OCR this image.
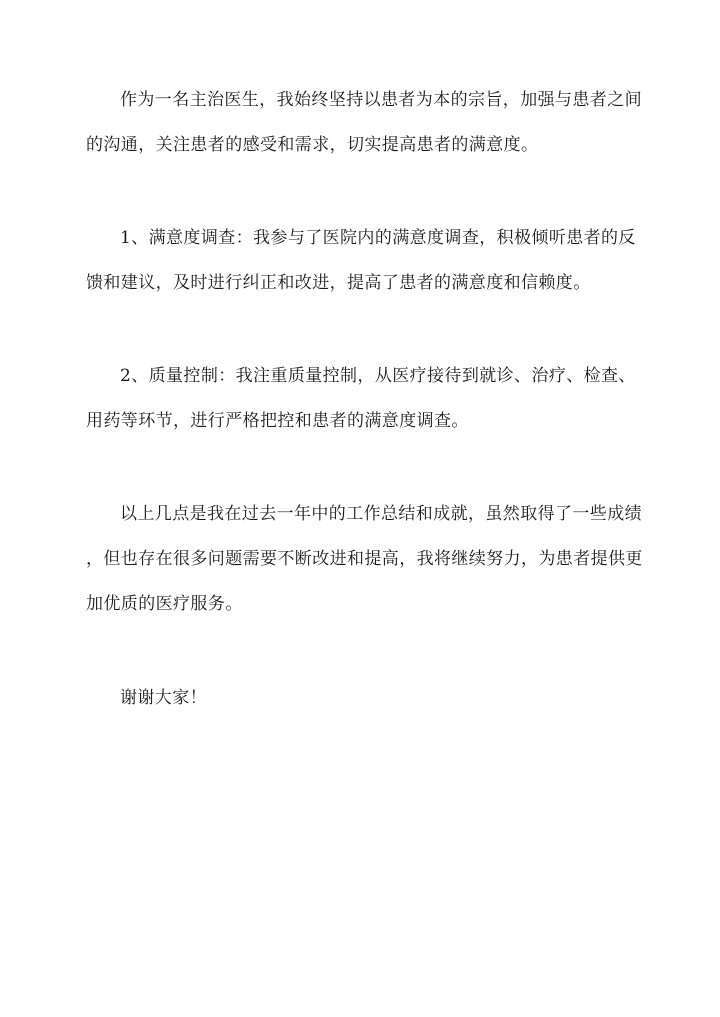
作为一名主治医生，我始终坚持以患者为本的宗旨，加强与患者之间
的沟通，关注患者的感受和需求，切实提高患者的满意度。

1、满意度调查：我参与了医院内的满意度调查，积极倾听患者的反
馈和建议，及时进行纠正和改进，提高了患者的满意度和信赖度。

2、质量控制：我注重质量控制，从医疗接待到就诊、治疗、检查、
用药等环节，进行严格把控和患者的满意度调查。

以上几点是我在过去一年中的工作总结和成就，虽然取得了一些成绩
，但也存在很多问题需要不断改进和提高，我将继续努力，为患者提供更
加优质的医疗服务。

谢谢大家！
